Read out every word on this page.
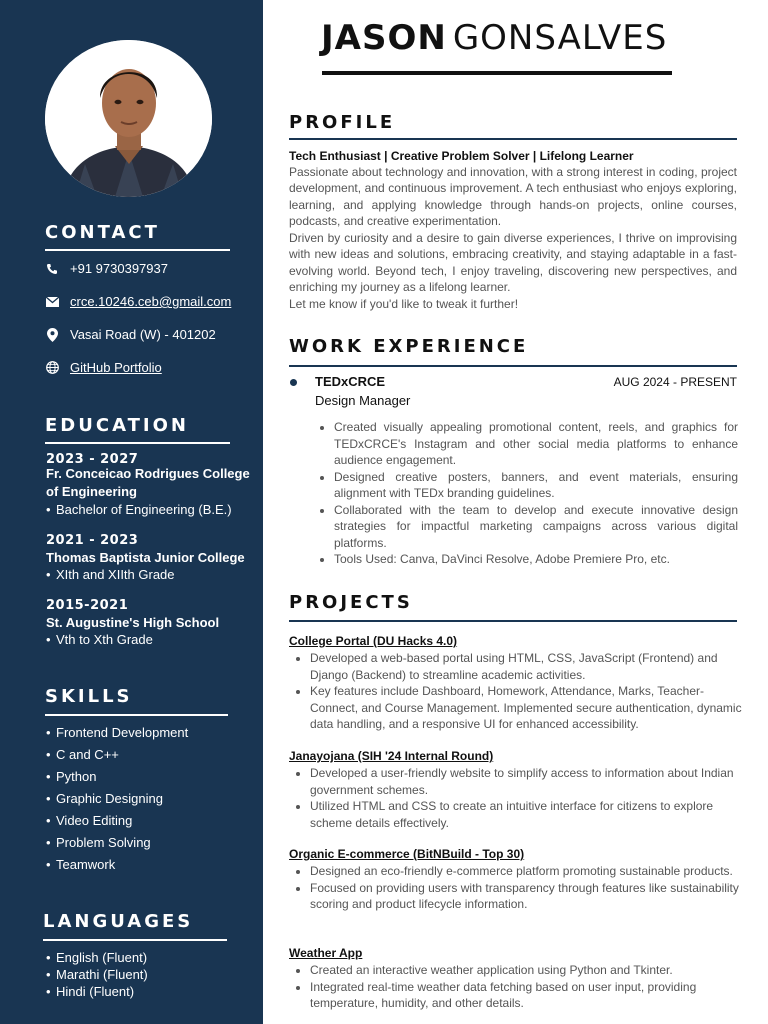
CONTACT
+91 9730397937
crce.10246.ceb@gmail.com
Vasai Road (W) - 401202
GitHub Portfolio
EDUCATION
2023 - 2027
Fr. Conceicao Rodrigues College of Engineering
• Bachelor of Engineering (B.E.)
2021 - 2023
Thomas Baptista Junior College
• XIth and XIIth Grade
2015-2021
St. Augustine's High School
• Vth to Xth Grade
SKILLS
• Frontend Development
• C and C++
• Python
• Graphic Designing
• Video Editing
• Problem Solving
• Teamwork
LANGUAGES
• English (Fluent)
• Marathi (Fluent)
• Hindi (Fluent)
JASON GONSALVES
PROFILE
Tech Enthusiast | Creative Problem Solver | Lifelong Learner

Passionate about technology and innovation, with a strong interest in coding, project development, and continuous improvement. A tech enthusiast who enjoys exploring, learning, and applying knowledge through hands-on projects, online courses, podcasts, and creative experimentation.

Driven by curiosity and a desire to gain diverse experiences, I thrive on improvising with new ideas and solutions, embracing creativity, and staying adaptable in a fast-evolving world. Beyond tech, I enjoy traveling, discovering new perspectives, and enriching my journey as a lifelong learner.

Let me know if you'd like to tweak it further!

WORK EXPERIENCE
TEDxCRCE	AUG 2024 - PRESENT
Design Manager
• Created visually appealing promotional content, reels, and graphics for TEDxCRCE's Instagram and other social media platforms to enhance audience engagement.
• Designed creative posters, banners, and event materials, ensuring alignment with TEDx branding guidelines.
• Collaborated with the team to develop and execute innovative design strategies for impactful marketing campaigns across various digital platforms.
• Tools Used: Canva, DaVinci Resolve, Adobe Premiere Pro, etc.
PROJECTS
College Portal (DU Hacks 4.0)
• Developed a web-based portal using HTML, CSS, JavaScript (Frontend) and Django (Backend) to streamline academic activities.
• Key features include Dashboard, Homework, Attendance, Marks, Teacher-Connect, and Course Management. Implemented secure authentication, dynamic data handling, and a responsive UI for enhanced accessibility.
Janayojana (SIH '24 Internal Round)
• Developed a user-friendly website to simplify access to information about Indian government schemes.
• Utilized HTML and CSS to create an intuitive interface for citizens to explore scheme details effectively.
Organic E-commerce (BitNBuild - Top 30)
• Designed an eco-friendly e-commerce platform promoting sustainable products.
• Focused on providing users with transparency through features like sustainability scoring and product lifecycle information.
Weather App
• Created an interactive weather application using Python and Tkinter.
• Integrated real-time weather data fetching based on user input, providing temperature, humidity, and other details.
